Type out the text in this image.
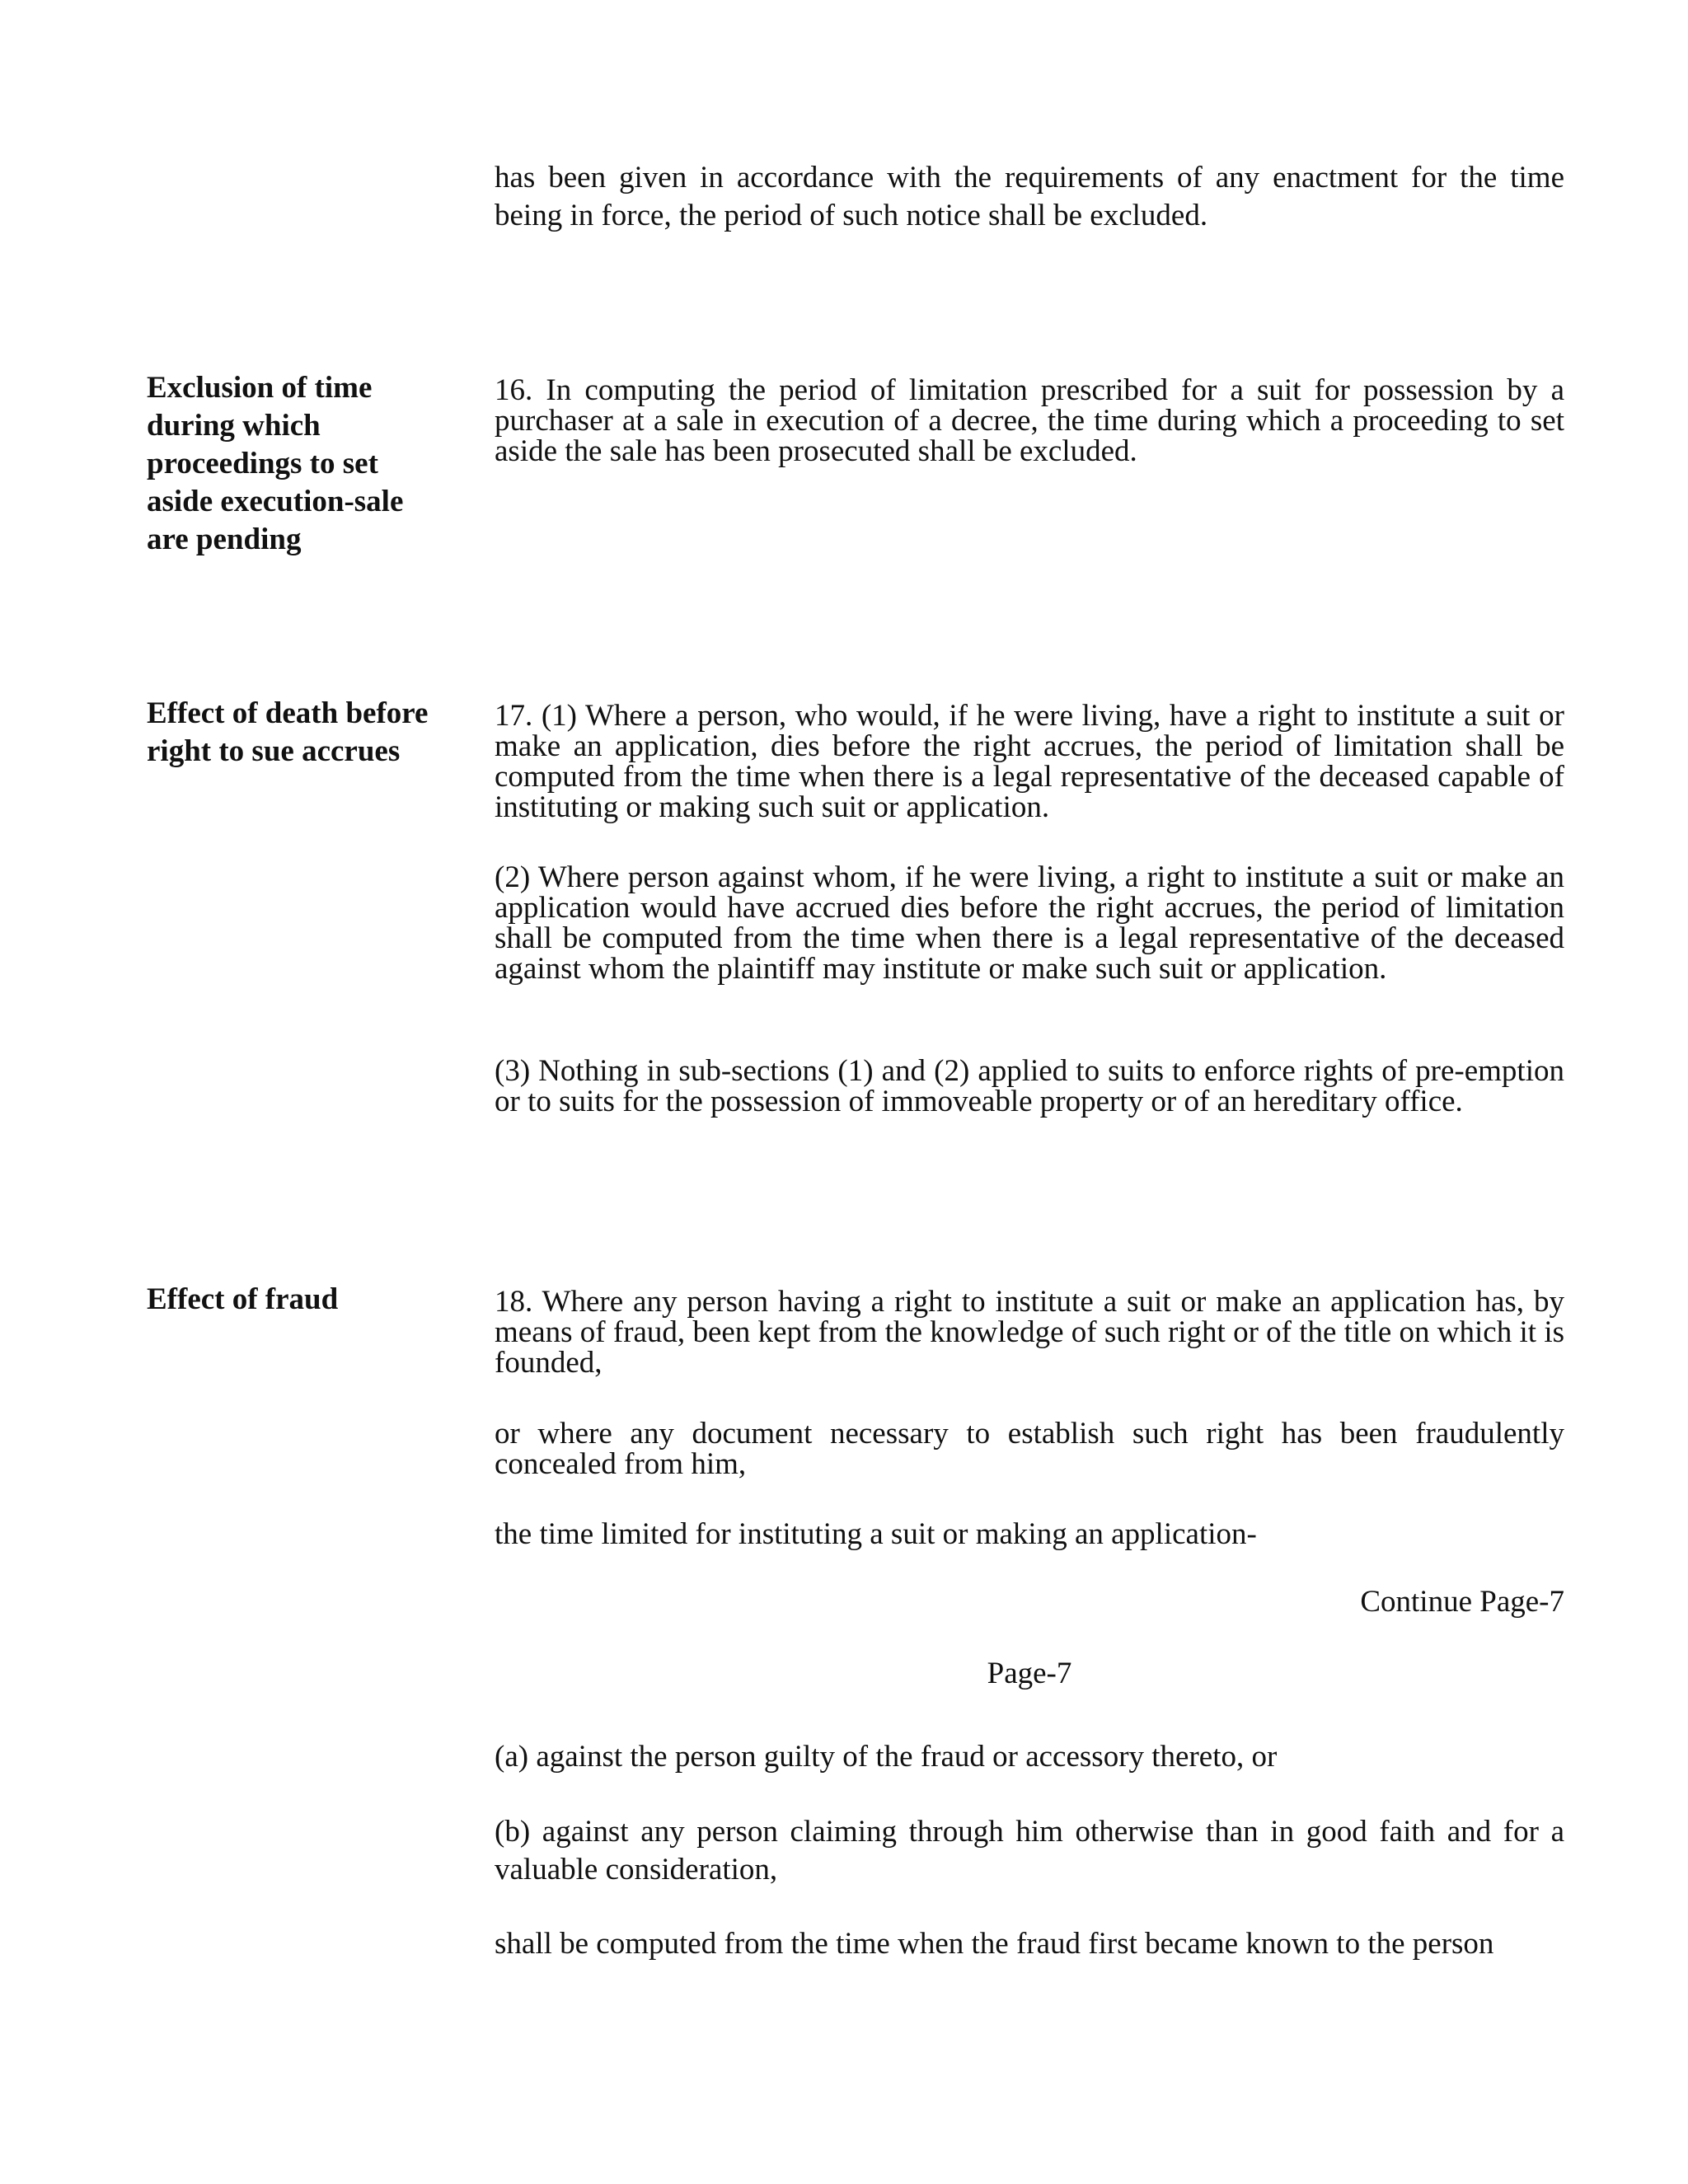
has been given in accordance with the requirements of any enactment for the time being in force, the period of such notice shall be excluded.
Exclusion of time during which proceedings to set aside execution-sale are pending
16. In computing the period of limitation prescribed for a suit for possession by a purchaser at a sale in execution of a decree, the time during which a proceeding to set aside the sale has been prosecuted shall be excluded.
Effect of death before right to sue accrues
17. (1) Where a person, who would, if he were living, have a right to institute a suit or make an application, dies before the right accrues, the period of limitation shall be computed from the time when there is a legal representative of the deceased capable of instituting or making such suit or application.
(2) Where person against whom, if he were living, a right to institute a suit or make an application would have accrued dies before the right accrues, the period of limitation shall be computed from the time when there is a legal representative of the deceased against whom the plaintiff may institute or make such suit or application.
(3) Nothing in sub-sections (1) and (2) applied to suits to enforce rights of pre-emption or to suits for the possession of immoveable property or of an hereditary office.
Effect of fraud	18. Where any person having a right to institute a suit or make an application has, by means of fraud, been kept from the knowledge of such right or of the title on which it is founded,
or where any document necessary to establish such right has been fraudulently concealed from him,
the time limited for instituting a suit or making an application-
Continue Page-7
Page-7
(a) against the person guilty of the fraud or accessory thereto, or
(b) against any person claiming through him otherwise than in good faith and for a valuable consideration,
shall be computed from the time when the fraud first became known to the person
